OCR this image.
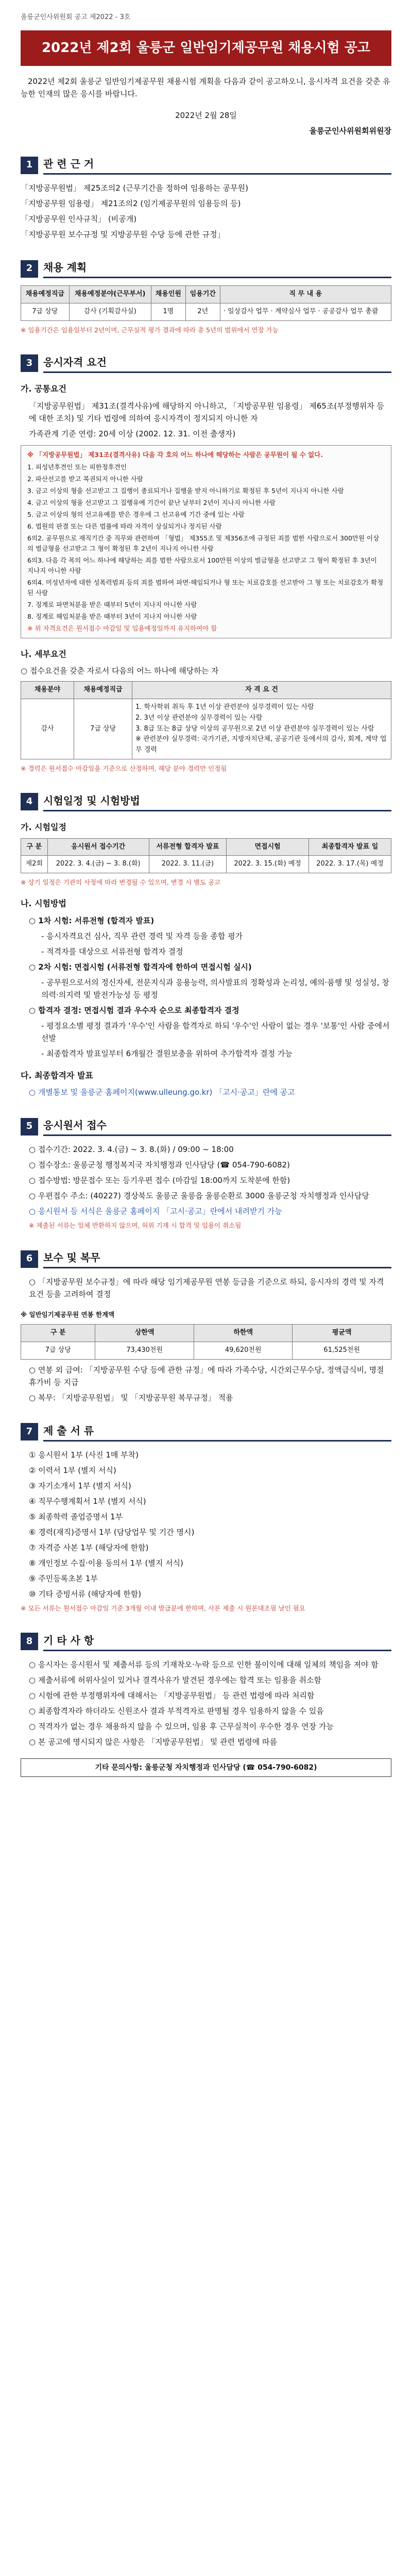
울릉군인사위원회 공고 제2022 - 3호
2022년 제2회 울릉군 일반임기제공무원 채용시험 공고

2022년 제2회 울릉군 일반임기제공무원 채용시험 계획을 다음과 같이 공고하오니, 응시자격 요건을 갖춘 유능한 인재의 많은 응시를 바랍니다.

2022년 2월 28일
울릉군인사위원회위원장
1	관 련 근 거
「지방공무원법」 제25조의2 (근무기간을 정하여 임용하는 공무원)
「지방공무원 임용령」 제21조의2 (임기제공무원의 임용등의 등)
「지방공무원 인사규칙」 (비공개)
「지방공무원 보수규정 및 지방공무원 수당 등에 관한 규정」
2	채용 계획
채용예정직급	채용예정분야(근무부서)	채용인원	임용기간	직 무 내 용
7급 상당	감사 (기획감사실)	1명	2년	· 일상감사 업무 · 계약심사 업무 · 공공감사 업무 총괄
※ 임용기간은 임용일부터 2년이며, 근무실적 평가 결과에 따라 총 5년의 범위에서 연장 가능
3	응시자격 요건
가. 공통요건
「지방공무원법」 제31조(결격사유)에 해당하지 아니하고, 「지방공무원 임용령」 제65조(부정행위자 등에 대한 조치) 및 기타 법령에 의하여 응시자격이 정지되지 아니한 자
가족관계 기준 연령: 20세 이상 (2002. 12. 31. 이전 출생자)
※ 「지방공무원법」 제31조(결격사유) 다음 각 호의 어느 하나에 해당하는 사람은 공무원이 될 수 없다.
1. 피성년후견인 또는 피한정후견인
2. 파산선고를 받고 복권되지 아니한 사람
3. 금고 이상의 형을 선고받고 그 집행이 종료되거나 집행을 받지 아니하기로 확정된 후 5년이 지나지 아니한 사람
4. 금고 이상의 형을 선고받고 그 집행유예 기간이 끝난 날부터 2년이 지나지 아니한 사람
5. 금고 이상의 형의 선고유예를 받은 경우에 그 선고유예 기간 중에 있는 사람
6. 법원의 판결 또는 다른 법률에 따라 자격이 상실되거나 정지된 사람
6의2. 공무원으로 재직기간 중 직무와 관련하여 「형법」 제355조 및 제356조에 규정된 죄를 범한 사람으로서 300만원 이상의 벌금형을 선고받고 그 형이 확정된 후 2년이 지나지 아니한 사람
6의3. 다음 각 목의 어느 하나에 해당하는 죄를 범한 사람으로서 100만원 이상의 벌금형을 선고받고 그 형이 확정된 후 3년이 지나지 아니한 사람
6의4. 미성년자에 대한 성폭력범죄 등의 죄를 범하여 파면·해임되거나 형 또는 치료감호를 선고받아 그 형 또는 치료감호가 확정된 사람
7. 징계로 파면처분을 받은 때부터 5년이 지나지 아니한 사람
8. 징계로 해임처분을 받은 때부터 3년이 지나지 아니한 사람
※ 위 자격요건은 원서접수 마감일 및 임용예정일까지 유지하여야 함
나. 세부요건
○ 접수요건을 갖춘 자로서 다음의 어느 하나에 해당하는 자
채용분야	채용예정직급	자 격 요 건
감사	7급 상당	1. 학사학위 취득 후 1년 이상 관련분야 실무경력이 있는 사람
2. 3년 이상 관련분야 실무경력이 있는 사람
3. 8급 또는 8급 상당 이상의 공무원으로 2년 이상 관련분야 실무경력이 있는 사람
※ 관련분야 실무경력: 국가기관, 지방자치단체, 공공기관 등에서의 감사, 회계, 계약 업무 경력
※ 경력은 원서접수 마감일을 기준으로 산정하며, 해당 분야 경력만 인정됨
4	시험일정 및 시험방법
가. 시험일정
구 분	응시원서 접수기간	서류전형 합격자 발표	면접시험	최종합격자 발표 일
제2회	2022. 3. 4.(금) ~ 3. 8.(화)	2022. 3. 11.(금)	2022. 3. 15.(화) 예정	2022. 3. 17.(목) 예정
※ 상기 일정은 기관의 사정에 따라 변경될 수 있으며, 변경 시 별도 공고
나. 시험방법
○ 1차 시험: 서류전형 (합격자 발표)
- 응시자격요건 심사, 직무 관련 경력 및 자격 등을 종합 평가
- 적격자를 대상으로 서류전형 합격자 결정
○ 2차 시험: 면접시험 (서류전형 합격자에 한하여 면접시험 실시)
- 공무원으로서의 정신자세, 전문지식과 응용능력, 의사발표의 정확성과 논리성, 예의·품행 및 성실성, 창의력·의지력 및 발전가능성 등 평정
○ 합격자 결정: 면접시험 결과 우수자 순으로 최종합격자 결정
- 평정요소별 평정 결과가 '우수'인 사람을 합격자로 하되 '우수'인 사람이 없는 경우 '보통'인 사람 중에서 선발
- 최종합격자 발표일부터 6개월간 결원보충을 위하여 추가합격자 결정 가능
다. 최종합격자 발표
○ 개별통보 및 울릉군 홈페이지(www.ulleung.go.kr) 「고시·공고」란에 공고
5	응시원서 접수
○ 접수기간: 2022. 3. 4.(금) ~ 3. 8.(화) / 09:00 ~ 18:00
○ 접수장소: 울릉군청 행정복지국 자치행정과 인사담당 (☎ 054-790-6082)
○ 접수방법: 방문접수 또는 등기우편 접수 (마감일 18:00까지 도착분에 한함)
○ 우편접수 주소: (40227) 경상북도 울릉군 울릉읍 울릉순환로 3000 울릉군청 자치행정과 인사담당
○ 응시원서 등 서식은 울릉군 홈페이지 「고시·공고」란에서 내려받기 가능
※ 제출된 서류는 일체 반환하지 않으며, 허위 기재 시 합격 및 임용이 취소됨
6	보수 및 복무
○ 「지방공무원 보수규정」에 따라 해당 임기제공무원 연봉 등급을 기준으로 하되, 응시자의 경력 및 자격 요건 등을 고려하여 결정
※ 일반임기제공무원 연봉 한계액
구 분	상한액	하한액	평균액
7급 상당	73,430천원	49,620천원	61,525천원
○ 연봉 외 급여: 「지방공무원 수당 등에 관한 규정」에 따라 가족수당, 시간외근무수당, 정액급식비, 명절휴가비 등 지급
○ 복무: 「지방공무원법」 및 「지방공무원 복무규정」 적용
7	제 출 서 류
① 응시원서 1부 (사진 1매 부착)
② 이력서 1부 (별지 서식)
③ 자기소개서 1부 (별지 서식)
④ 직무수행계획서 1부 (별지 서식)
⑤ 최종학력 졸업증명서 1부
⑥ 경력(재직)증명서 1부 (담당업무 및 기간 명시)
⑦ 자격증 사본 1부 (해당자에 한함)
⑧ 개인정보 수집·이용 동의서 1부 (별지 서식)
⑨ 주민등록초본 1부
⑩ 기타 증빙서류 (해당자에 한함)
※ 모든 서류는 원서접수 마감일 기준 3개월 이내 발급분에 한하며, 사본 제출 시 원본대조필 날인 필요
8	기 타 사 항
○ 응시자는 응시원서 및 제출서류 등의 기재착오·누락 등으로 인한 불이익에 대해 일체의 책임을 져야 함
○ 제출서류에 허위사실이 있거나 결격사유가 발견된 경우에는 합격 또는 임용을 취소함
○ 시험에 관한 부정행위자에 대해서는 「지방공무원법」 등 관련 법령에 따라 처리함
○ 최종합격자라 하더라도 신원조사 결과 부적격자로 판명될 경우 임용하지 않을 수 있음
○ 적격자가 없는 경우 채용하지 않을 수 있으며, 임용 후 근무실적이 우수한 경우 연장 가능
○ 본 공고에 명시되지 않은 사항은 「지방공무원법」 및 관련 법령에 따름
기타 문의사항: 울릉군청 자치행정과 인사담당 (☎ 054-790-6082)
